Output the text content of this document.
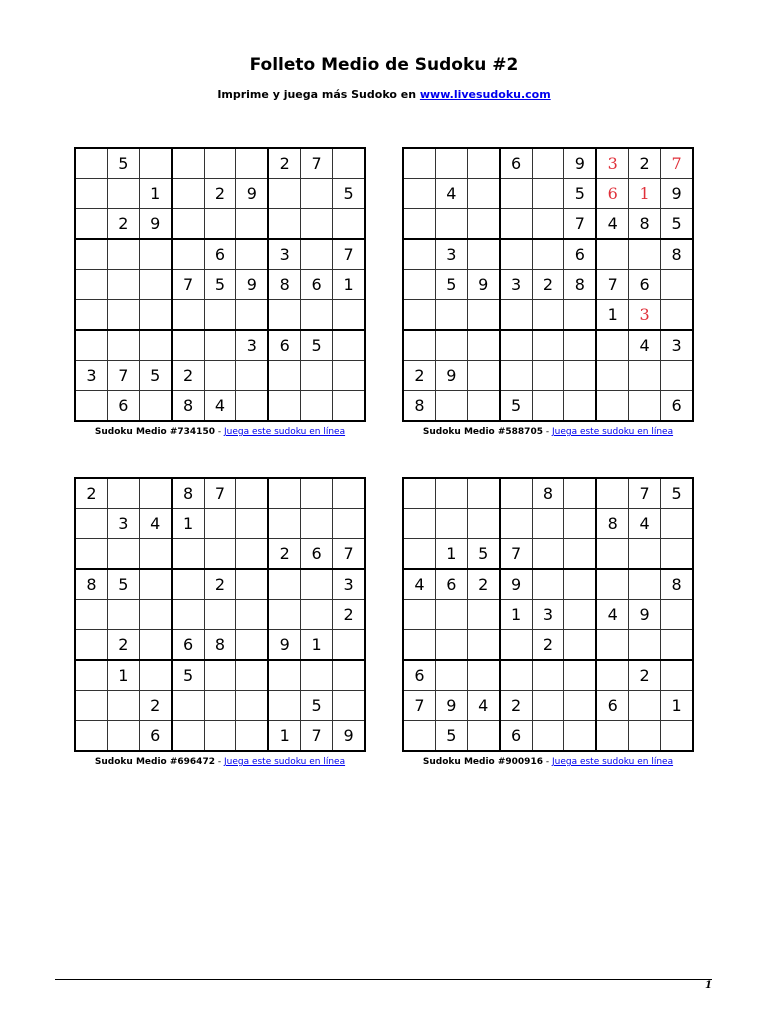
Folleto Medio de Sudoku #2
Imprime y juega más Sudoko en www.livesudoku.com
	5					2	7	
		1		2	9			5
	2	9						
				6		3		7
			7	5	9	8	6	1

					3	6	5	
3	7	5	2					
	6		8	4				
Sudoku Medio #734150 - Juega este sudoku en línea
			6		9	3	2	7
	4				5	6	1	9
					7	4	8	5
	3				6			8
	5	9	3	2	8	7	6	
						1	3	
							4	3
2	9							
8			5					6
Sudoku Medio #588705 - Juega este sudoku en línea
2			8	7				
	3	4	1					
						2	6	7
8	5			2				3
								2
	2		6	8		9	1	
	1		5					
		2					5	
		6				1	7	9
Sudoku Medio #696472 - Juega este sudoku en línea
				8			7	5
						8	4	
	1	5	7					
4	6	2	9					8
			1	3		4	9	
				2				
6							2	
7	9	4	2			6		1
	5		6					
Sudoku Medio #900916 - Juega este sudoku en línea
1
